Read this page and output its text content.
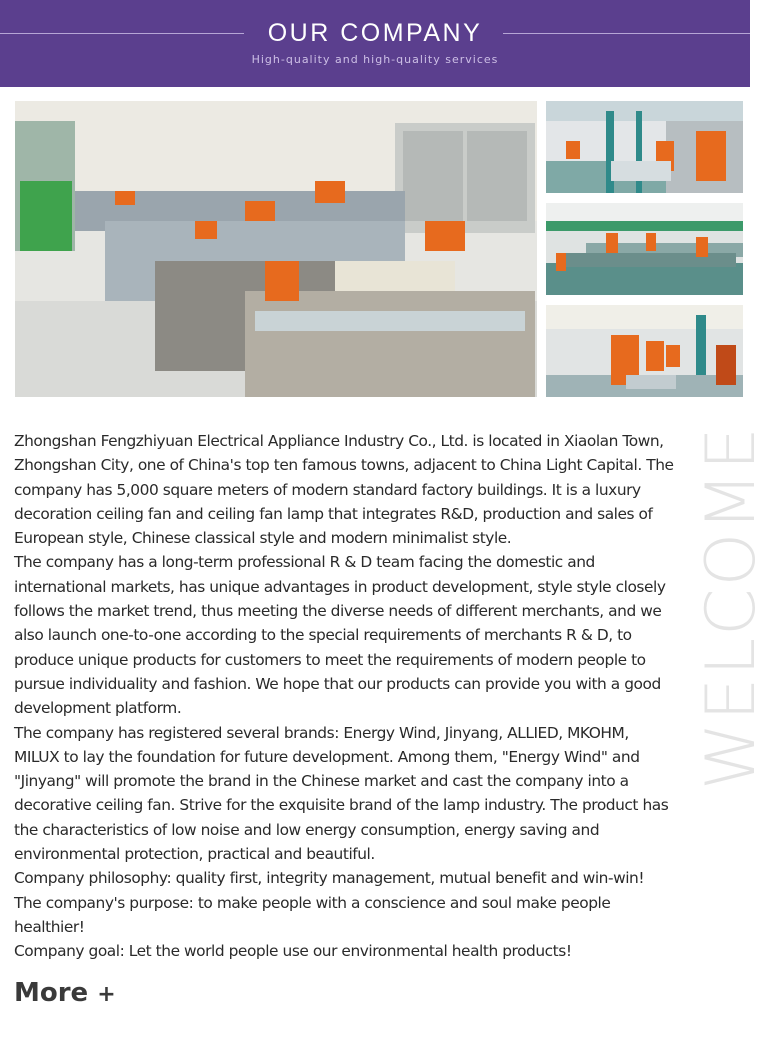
OUR COMPANY
High-quality and high-quality services
WELCOME

Zhongshan Fengzhiyuan Electrical Appliance Industry Co., Ltd. is located in Xiaolan Town, Zhongshan City, one of China's top ten famous towns, adjacent to China Light Capital. The company has 5,000 square meters of modern standard factory buildings. It is a luxury decoration ceiling fan and ceiling fan lamp that integrates R&D, production and sales of European style, Chinese classical style and modern minimalist style.

The company has a long-term professional R & D team facing the domestic and international markets, has unique advantages in product development, style style closely follows the market trend, thus meeting the diverse needs of different merchants, and we also launch one-to-one according to the special requirements of merchants R & D, to produce unique products for customers to meet the requirements of modern people to pursue individuality and fashion. We hope that our products can provide you with a good development platform.

The company has registered several brands: Energy Wind, Jinyang, ALLIED, MKOHM, MILUX to lay the foundation for future development. Among them, "Energy Wind" and "Jinyang" will promote the brand in the Chinese market and cast the company into a decorative ceiling fan. Strive for the exquisite brand of the lamp industry. The product has the characteristics of low noise and low energy consumption, energy saving and environmental protection, practical and beautiful.

Company philosophy: quality first, integrity management, mutual benefit and win-win!

The company's purpose: to make people with a conscience and soul make people healthier!

Company goal: Let the world people use our environmental health products!

More +
